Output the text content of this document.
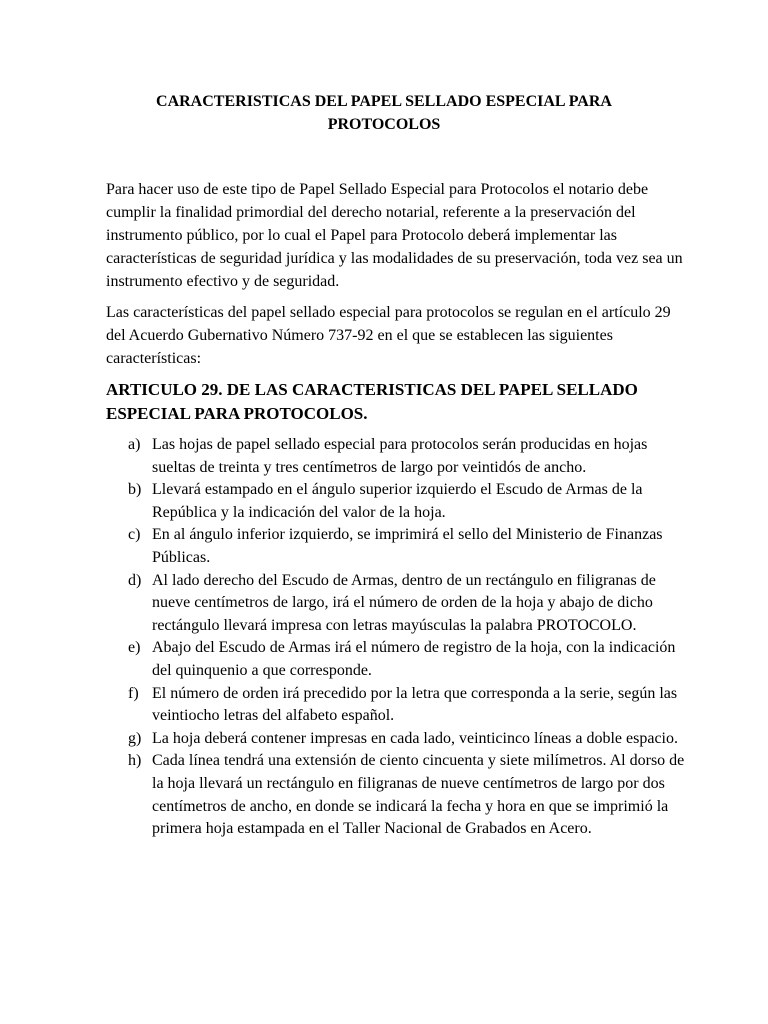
CARACTERISTICAS DEL PAPEL SELLADO ESPECIAL PARA PROTOCOLOS
Para hacer uso de este tipo de Papel Sellado Especial para Protocolos el notario debe cumplir la finalidad primordial del derecho notarial, referente a la preservación del instrumento público, por lo cual el Papel para Protocolo deberá implementar las características de seguridad jurídica y las modalidades de su preservación, toda vez sea un instrumento efectivo y de seguridad.
Las características del papel sellado especial para protocolos se regulan en el artículo 29 del Acuerdo Gubernativo Número 737-92 en el que se establecen las siguientes características:
ARTICULO 29. DE LAS CARACTERISTICAS DEL PAPEL SELLADO ESPECIAL PARA PROTOCOLOS.
a) Las hojas de papel sellado especial para protocolos serán producidas en hojas sueltas de treinta y tres centímetros de largo por veintidós de ancho.
b) Llevará estampado en el ángulo superior izquierdo el Escudo de Armas de la República y la indicación del valor de la hoja.
c) En al ángulo inferior izquierdo, se imprimirá el sello del Ministerio de Finanzas Públicas.
d) Al lado derecho del Escudo de Armas, dentro de un rectángulo en filigranas de nueve centímetros de largo, irá el número de orden de la hoja y abajo de dicho rectángulo llevará impresa con letras mayúsculas la palabra PROTOCOLO.
e) Abajo del Escudo de Armas irá el número de registro de la hoja, con la indicación del quinquenio a que corresponde.
f) El número de orden irá precedido por la letra que corresponda a la serie, según las veintiocho letras del alfabeto español.
g) La hoja deberá contener impresas en cada lado, veinticinco líneas a doble espacio.
h) Cada línea tendrá una extensión de ciento cincuenta y siete milímetros. Al dorso de la hoja llevará un rectángulo en filigranas de nueve centímetros de largo por dos centímetros de ancho, en donde se indicará la fecha y hora en que se imprimió la primera hoja estampada en el Taller Nacional de Grabados en Acero.
